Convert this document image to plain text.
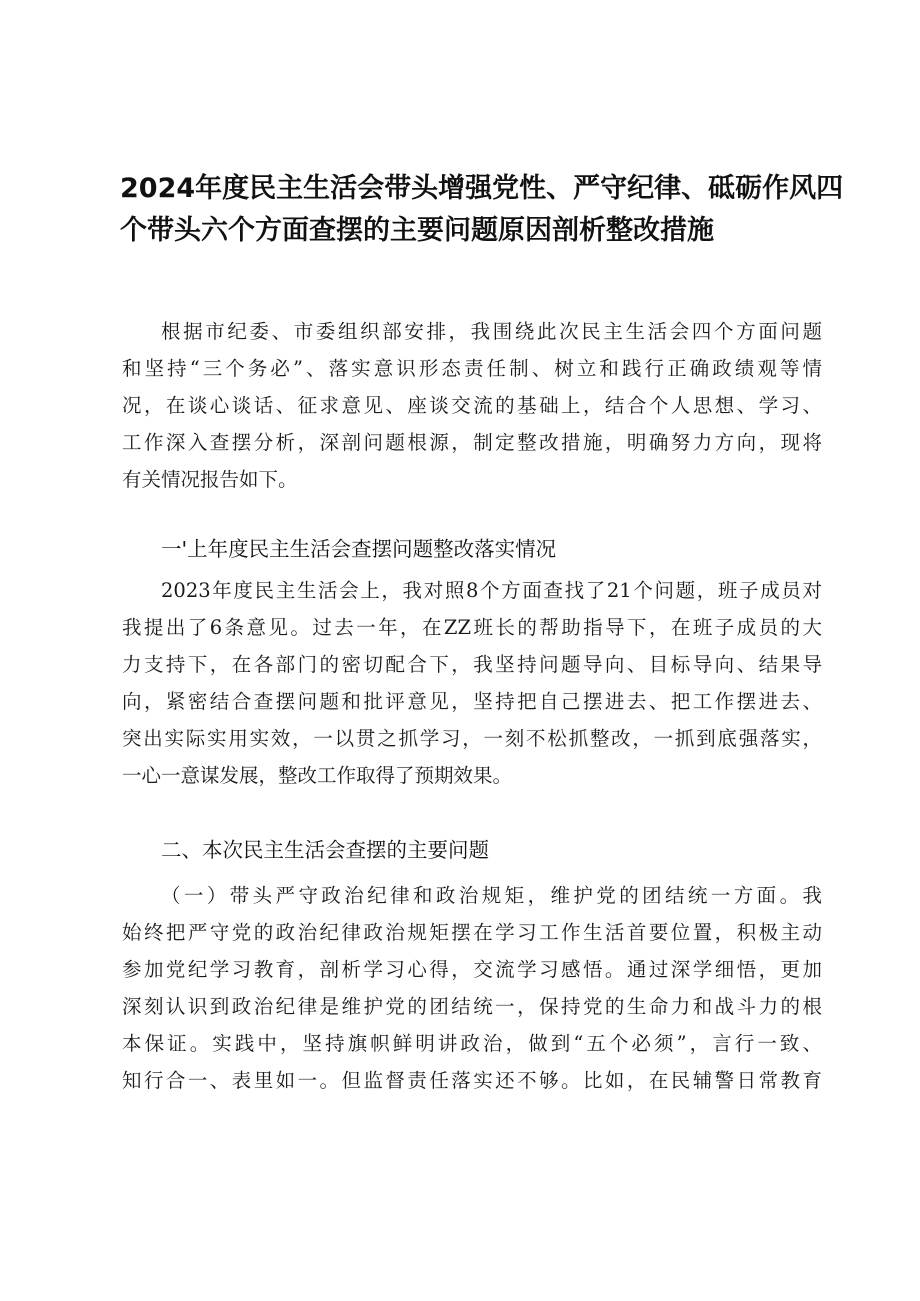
2024年度民主生活会带头增强党性、严守纪律、砥砺作风四
个带头六个方面查摆的主要问题原因剖析整改措施
根据市纪委、市委组织部安排，我围绕此次民主生活会四个方面问题
和坚持“三个务必”、落实意识形态责任制、树立和践行正确政绩观等情
况，在谈心谈话、征求意见、座谈交流的基础上，结合个人思想、学习、
工作深入查摆分析，深剖问题根源，制定整改措施，明确努力方向，现将
有关情况报告如下。
一'上年度民主生活会查摆问题整改落实情况
2023年度民主生活会上，我对照8个方面查找了21个问题，班子成员对
我提出了6条意见。过去一年，在ZZ班长的帮助指导下，在班子成员的大
力支持下，在各部门的密切配合下，我坚持问题导向、目标导向、结果导
向，紧密结合查摆问题和批评意见，坚持把自己摆进去、把工作摆进去、
突出实际实用实效，一以贯之抓学习，一刻不松抓整改，一抓到底强落实，
一心一意谋发展，整改工作取得了预期效果。
二、本次民主生活会查摆的主要问题
（一）带头严守政治纪律和政治规矩，维护党的团结统一方面。我
始终把严守党的政治纪律政治规矩摆在学习工作生活首要位置，积极主动
参加党纪学习教育，剖析学习心得，交流学习感悟。通过深学细悟，更加
深刻认识到政治纪律是维护党的团结统一，保持党的生命力和战斗力的根
本保证。实践中，坚持旗帜鲜明讲政治，做到“五个必须”，言行一致、
知行合一、表里如一。但监督责任落实还不够。比如，在民辅警日常教育
